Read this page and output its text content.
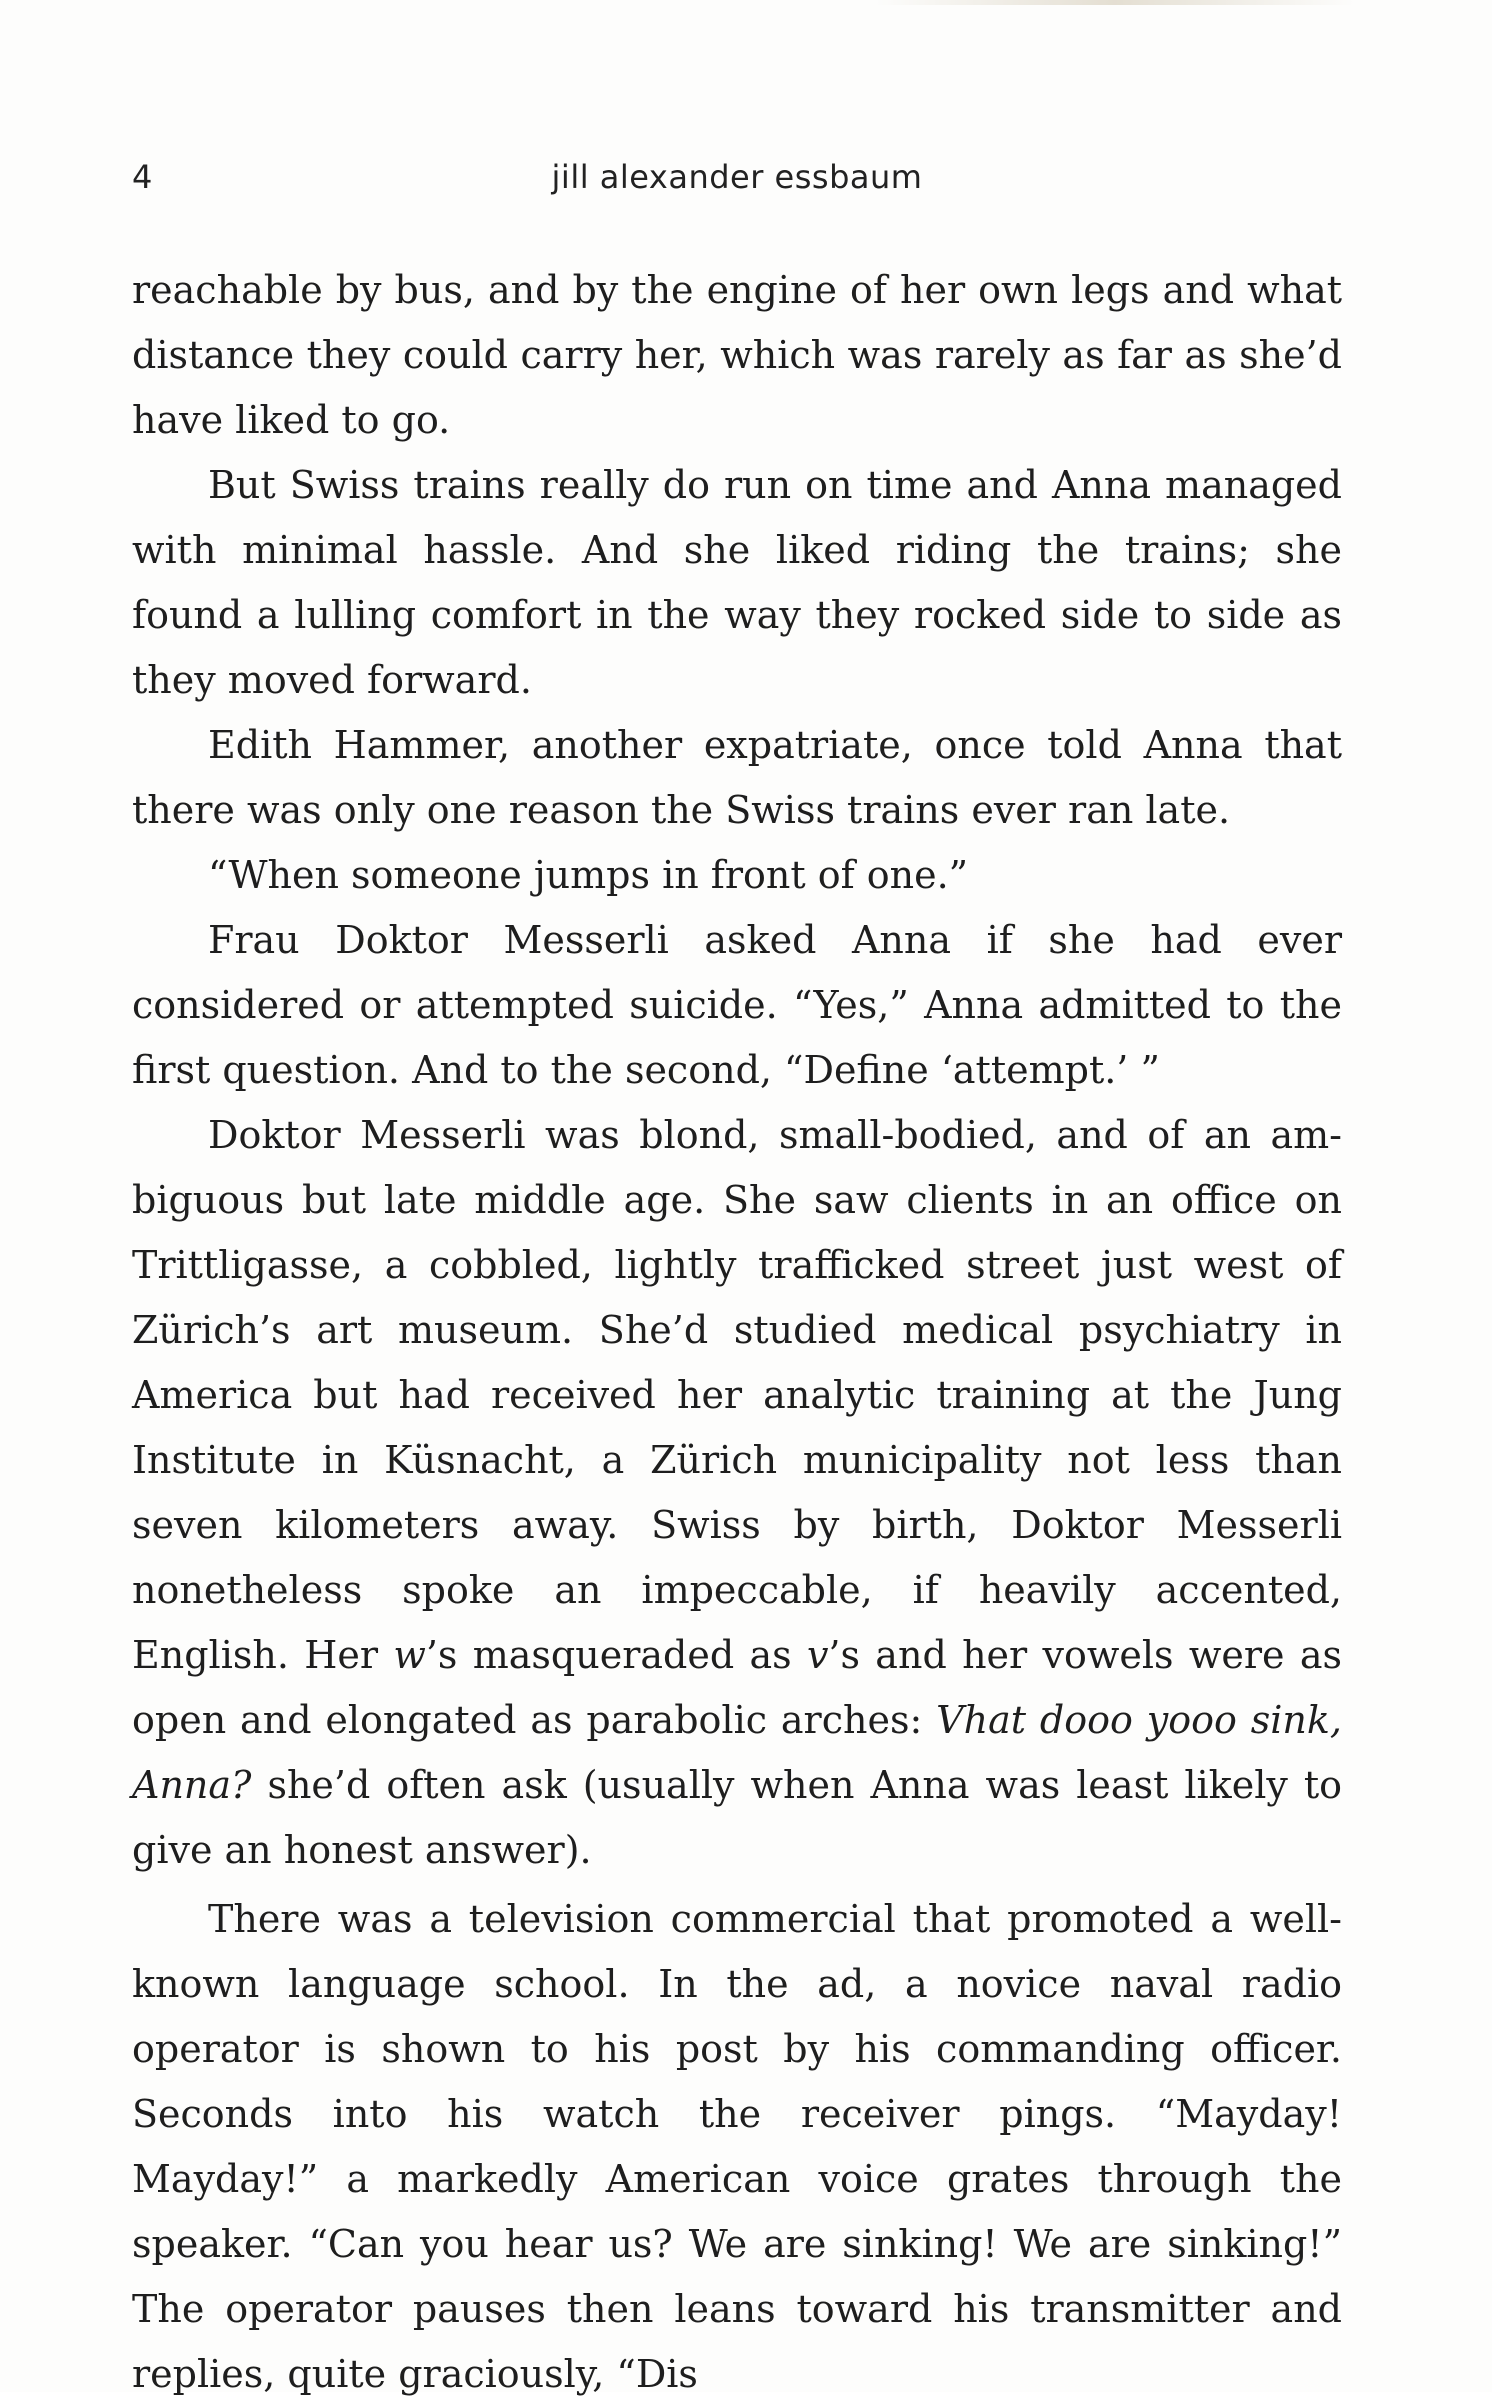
4	jill alexander essbaum

reachable by bus, and by the engine of her own legs and what distance they could carry her, which was rarely as far as she’d have liked to go.

But Swiss trains really do run on time and Anna managed with minimal hassle. And she liked riding the trains; she found a lulling comfort in the way they rocked side to side as they moved forward.

Edith Hammer, another expatriate, once told Anna that there was only one reason the Swiss trains ever ran late.

“When someone jumps in front of one.”

Frau Doktor Messerli asked Anna if she had ever considered or attempted suicide. “Yes,” Anna admitted to the first question. And to the second, “Define ‘attempt.’ ”

Doktor Messerli was blond, small-bodied, and of an ambiguous but late middle age. She saw clients in an office on Trittligasse, a cobbled, lightly trafficked street just west of Zürich’s art museum. She’d studied medical psychiatry in America but had received her analytic training at the Jung Institute in Küsnacht, a Zürich municipality not less than seven kilometers away. Swiss by birth, Doktor Messerli nonetheless spoke an impeccable, if heavily accented, English. Her w’s masqueraded as v’s and her vowels were as open and elongated as parabolic arches: Vhat dooo yooo sink, Anna? she’d often ask (usually when Anna was least likely to give an honest answer).

There was a television commercial that promoted a well-known language school. In the ad, a novice naval radio operator is shown to his post by his commanding officer. Seconds into his watch the receiver pings. “Mayday! Mayday!” a markedly American voice grates through the speaker. “Can you hear us? We are sinking! We are sinking!” The operator pauses then leans toward his transmitter and replies, quite graciously, “Dis
